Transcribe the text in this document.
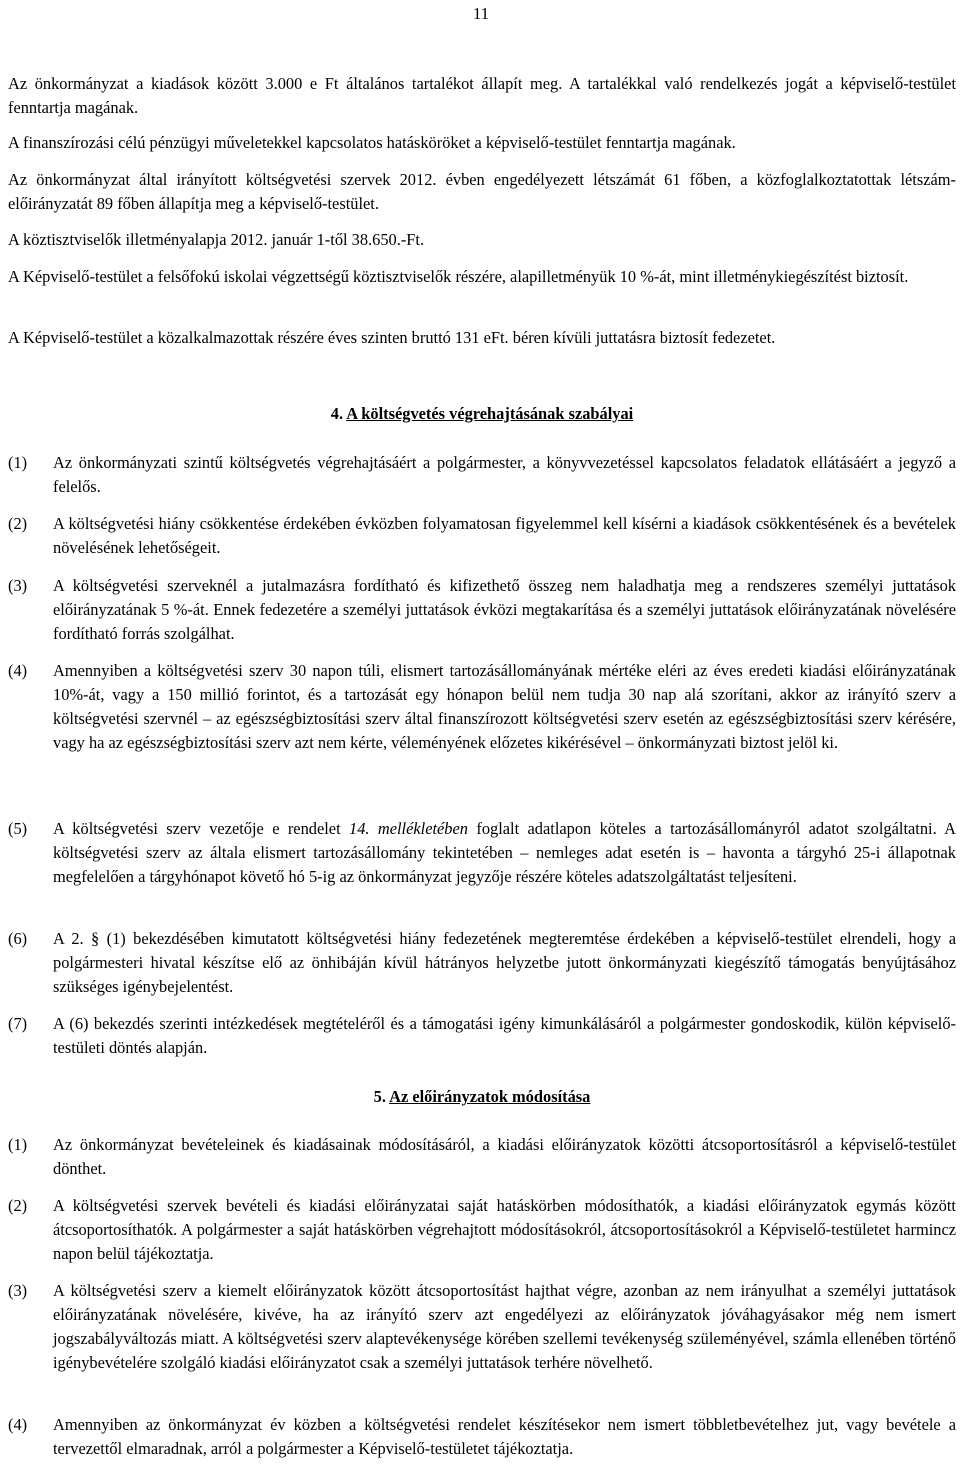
11

Az önkormányzat a kiadások között 3.000 e Ft általános tartalékot állapít meg. A tartalékkal való rendelkezés jogát a képviselő-testület fenntartja magának.

A finanszírozási célú pénzügyi műveletekkel kapcsolatos hatásköröket a képviselő-testület fenntartja magának.

Az önkormányzat által irányított költségvetési szervek 2012. évben engedélyezett létszámát 61 főben, a közfoglalkoztatottak létszám-előirányzatát 89 főben állapítja meg a képviselő-testület.

A köztisztviselők illetményalapja 2012. január 1-től 38.650.-Ft.

A Képviselő-testület a felsőfokú iskolai végzettségű köztisztviselők részére, alapilletményük 10 %-át, mint illetménykiegészítést biztosít.

A Képviselő-testület a közalkalmazottak részére éves szinten bruttó 131 eFt. béren kívüli juttatásra biztosít fedezetet.

4. A költségvetés végrehajtásának szabályai

(1) Az önkormányzati szintű költségvetés végrehajtásáért a polgármester, a könyvvezetéssel kapcsolatos feladatok ellátásáért a jegyző a felelős.
(2) A költségvetési hiány csökkentése érdekében évközben folyamatosan figyelemmel kell kísérni a kiadások csökkentésének és a bevételek növelésének lehetőségeit.
(3) A költségvetési szerveknél a jutalmazásra fordítható és kifizethető összeg nem haladhatja meg a rendszeres személyi juttatások előirányzatának 5 %-át. Ennek fedezetére a személyi juttatások évközi megtakarítása és a személyi juttatások előirányzatának növelésére fordítható forrás szolgálhat.
(4) Amennyiben a költségvetési szerv 30 napon túli, elismert tartozásállományának mértéke eléri az éves eredeti kiadási előirányzatának 10%-át, vagy a 150 millió forintot, és a tartozását egy hónapon belül nem tudja 30 nap alá szorítani, akkor az irányító szerv a költségvetési szervnél – az egészségbiztosítási szerv által finanszírozott költségvetési szerv esetén az egészségbiztosítási szerv kérésére, vagy ha az egészségbiztosítási szerv azt nem kérte, véleményének előzetes kikérésével – önkormányzati biztost jelöl ki.
(5) A költségvetési szerv vezetője e rendelet 14. mellékletében foglalt adatlapon köteles a tartozásállományról adatot szolgáltatni. A költségvetési szerv az általa elismert tartozásállomány tekintetében – nemleges adat esetén is – havonta a tárgyhó 25-i állapotnak megfelelően a tárgyhónapot követő hó 5-ig az önkormányzat jegyzője részére köteles adatszolgáltatást teljesíteni.
(6) A 2. § (1) bekezdésében kimutatott költségvetési hiány fedezetének megteremtése érdekében a képviselő-testület elrendeli, hogy a polgármesteri hivatal készítse elő az önhibáján kívül hátrányos helyzetbe jutott önkormányzati kiegészítő támogatás benyújtásához szükséges igénybejelentést.
(7) A (6) bekezdés szerinti intézkedések megtételéről és a támogatási igény kimunkálásáról a polgármester gondoskodik, külön képviselő-testületi döntés alapján.

5. Az előirányzatok módosítása

(1) Az önkormányzat bevételeinek és kiadásainak módosításáról, a kiadási előirányzatok közötti átcsoportosításról a képviselő-testület dönthet.
(2) A költségvetési szervek bevételi és kiadási előirányzatai saját hatáskörben módosíthatók, a kiadási előirányzatok egymás között átcsoportosíthatók. A polgármester a saját hatáskörben végrehajtott módosításokról, átcsoportosításokról a Képviselő-testületet harmincz napon belül tájékoztatja.
(3) A költségvetési szerv a kiemelt előirányzatok között átcsoportosítást hajthat végre, azonban az nem irányulhat a személyi juttatások előirányzatának növelésére, kivéve, ha az irányító szerv azt engedélyezi az előirányzatok jóváhagyásakor még nem ismert jogszabályváltozás miatt. A költségvetési szerv alaptevékenysége körében szellemi tevékenység szüleményével, számla ellenében történő igénybevételére szolgáló kiadási előirányzatot csak a személyi juttatások terhére növelhető.
(4) Amennyiben az önkormányzat év közben a költségvetési rendelet készítésekor nem ismert többletbevételhez jut, vagy bevétele a tervezettől elmaradnak, arról a polgármester a Képviselő-testületet tájékoztatja.
